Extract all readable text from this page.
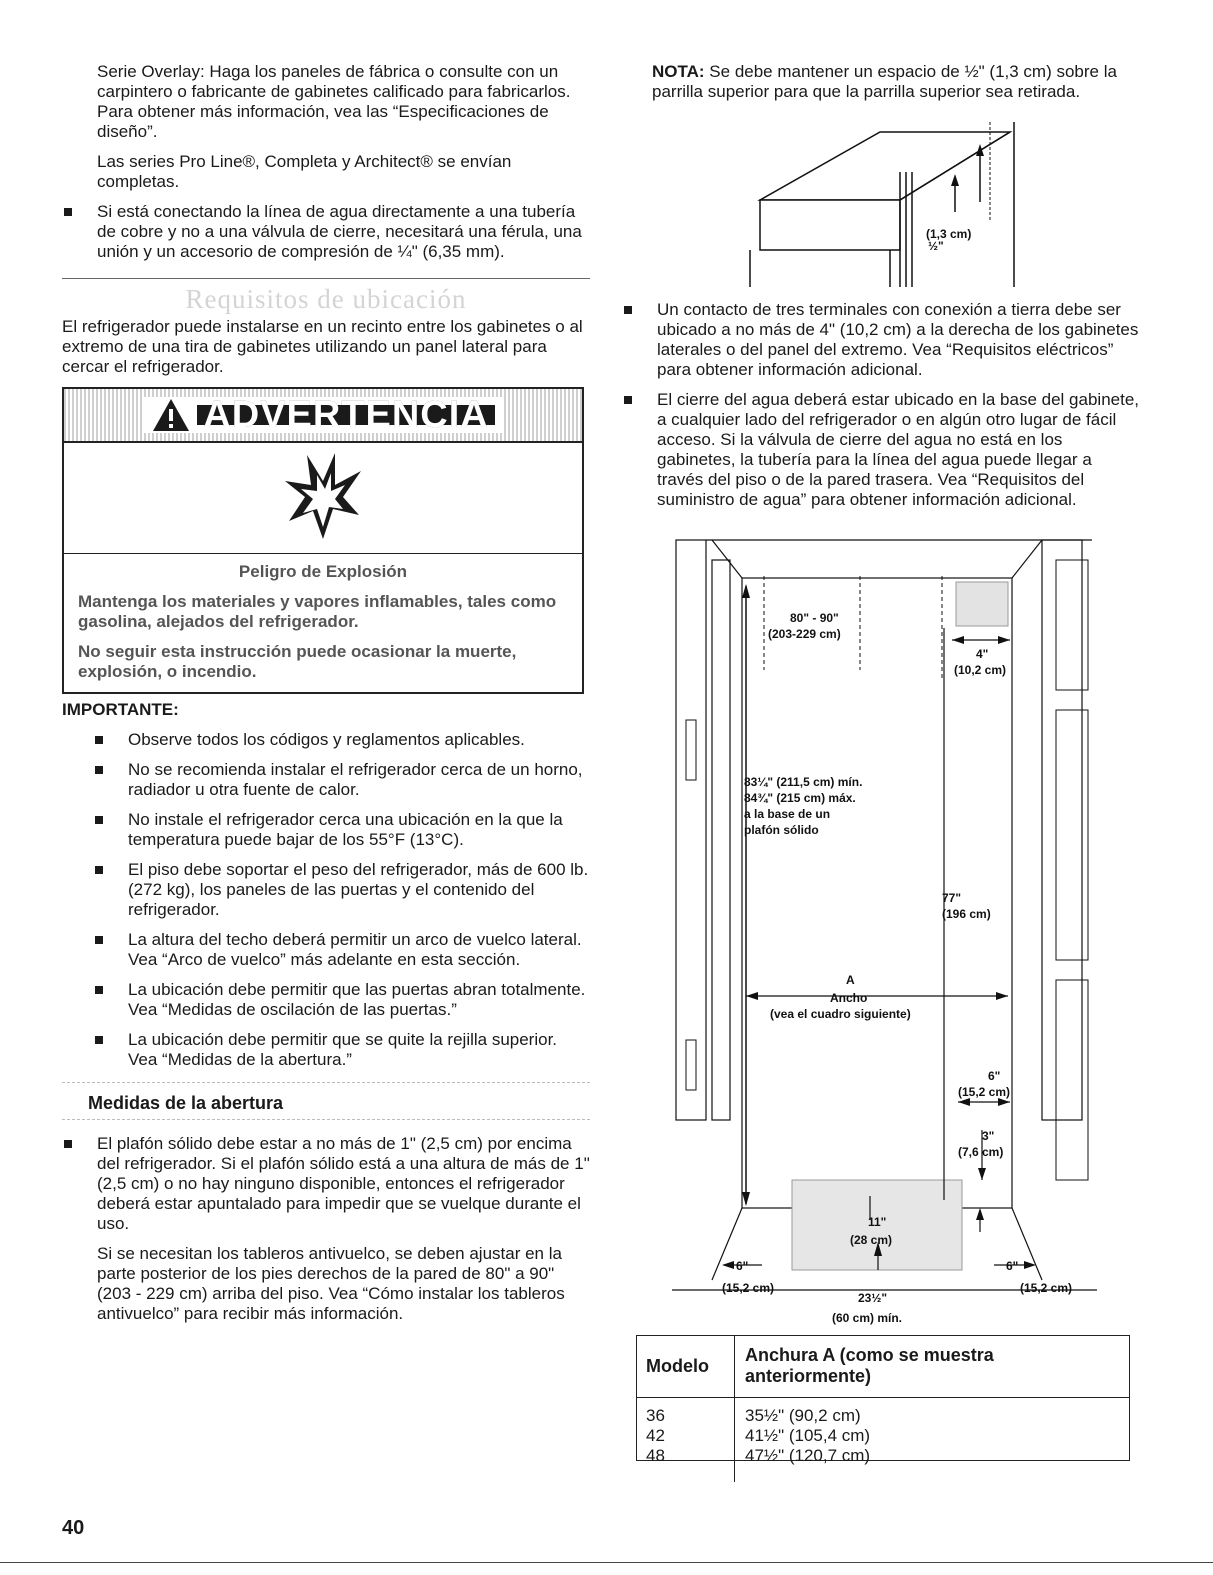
Serie Overlay: Haga los paneles de fábrica o consulte con un carpintero o fabricante de gabinetes calificado para fabricarlos. Para obtener más información, vea las “Especificaciones de diseño”.

Las series Pro Line®, Completa y Architect® se envían completas.

Si está conectando la línea de agua directamente a una tubería de cobre y no a una válvula de cierre, necesitará una férula, una unión y un accesorio de compresión de ¼" (6,35 mm).
Requisitos de ubicación

El refrigerador puede instalarse en un recinto entre los gabinetes o al extremo de una tira de gabinetes utilizando un panel lateral para cercar el refrigerador.

ADVERTENCIA
Peligro de Explosión

Mantenga los materiales y vapores inflamables, tales como gasolina, alejados del refrigerador.

No seguir esta instrucción puede ocasionar la muerte, explosión, o incendio.

IMPORTANTE:
Observe todos los códigos y reglamentos aplicables.
No se recomienda instalar el refrigerador cerca de un horno, radiador u otra fuente de calor.
No instale el refrigerador cerca una ubicación en la que la temperatura puede bajar de los 55°F (13°C).
El piso debe soportar el peso del refrigerador, más de 600 lb. (272 kg), los paneles de las puertas y el contenido del refrigerador.
La altura del techo deberá permitir un arco de vuelco lateral. Vea “Arco de vuelco” más adelante en esta sección.
La ubicación debe permitir que las puertas abran totalmente. Vea “Medidas de oscilación de las puertas.”
La ubicación debe permitir que se quite la rejilla superior. Vea “Medidas de la abertura.”
Medidas de la abertura
El plafón sólido debe estar a no más de 1" (2,5 cm) por encima del refrigerador. Si el plafón sólido está a una altura de más de 1" (2,5 cm) o no hay ninguno disponible, entonces el refrigerador deberá estar apuntalado para impedir que se vuelque durante el uso.

Si se necesitan los tableros antivuelco, se deben ajustar en la parte posterior de los pies derechos de la pared de 80" a 90" (203 - 229 cm) arriba del piso. Vea “Cómo instalar los tableros antivuelco” para recibir más información.

NOTA: Se debe mantener un espacio de ½" (1,3 cm) sobre la parrilla superior para que la parrilla superior sea retirada.

½"
(1,3 cm)
Un contacto de tres terminales con conexión a tierra debe ser ubicado a no más de 4" (10,2 cm) a la derecha de los gabinetes laterales o del panel del extremo. Vea “Requisitos eléctricos” para obtener información adicional.
El cierre del agua deberá estar ubicado en la base del gabinete, a cualquier lado del refrigerador o en algún otro lugar de fácil acceso. Si la válvula de cierre del agua no está en los gabinetes, la tubería para la línea del agua puede llegar a través del piso o de la pared trasera. Vea “Requisitos del suministro de agua” para obtener información adicional.
80" - 90"
(203-229 cm)
4"
(10,2 cm)
83¼" (211,5 cm) mín.
84¾" (215 cm) máx.
a la base de un
plafón sólido
77"
(196 cm)
A
Ancho
(vea el cuadro siguiente)
6"
(15,2 cm)
3"
(7,6 cm)
11"
(28 cm)
6"
(15,2 cm)
6"
(15,2 cm)
23½"
(60 cm) mín.
Modelo	Anchura A (como se muestra anteriormente)
36	35½" (90,2 cm)
42	41½" (105,4 cm)
48	47½" (120,7 cm)
40
